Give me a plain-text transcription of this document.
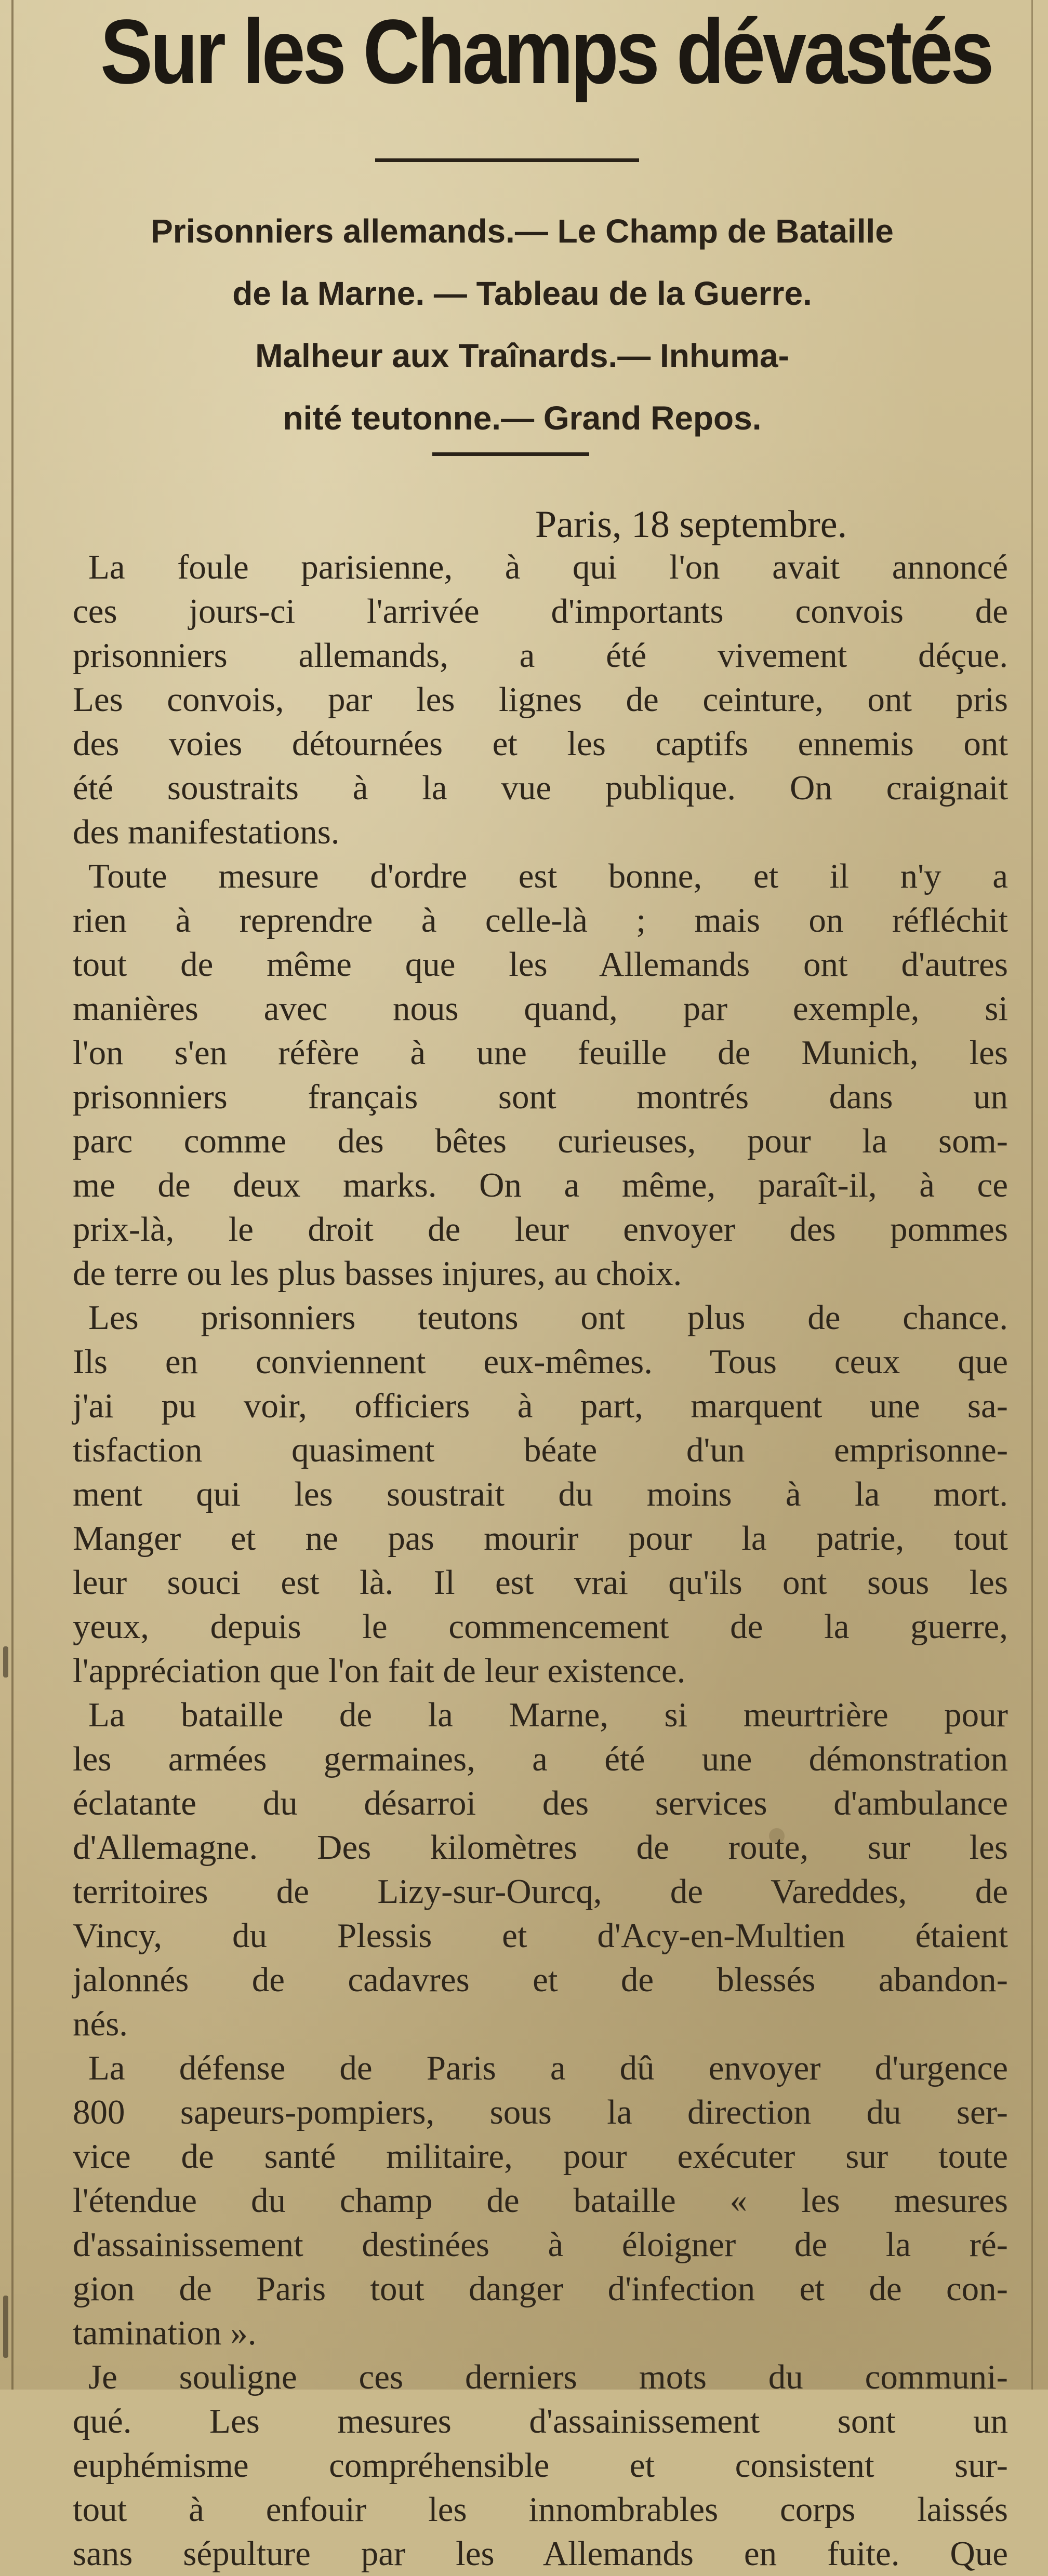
Sur les Champs dévastés
Prisonniers allemands.— Le Champ de Bataille
de la Marne. — Tableau de la Guerre.
Malheur aux Traînards.— Inhuma-
nité teutonne.— Grand Repos.
Paris, 18 septembre.
La foule parisienne, à qui l'on avait annoncé
ces jours-ci l'arrivée d'importants convois de
prisonniers allemands, a été vivement déçue.
Les convois, par les lignes de ceinture, ont pris
des voies détournées et les captifs ennemis ont
été soustraits à la vue publique. On craignait
des manifestations.
Toute mesure d'ordre est bonne, et il n'y a
rien à reprendre à celle-là ; mais on réfléchit
tout de même que les Allemands ont d'autres
manières avec nous quand, par exemple, si
l'on s'en réfère à une feuille de Munich, les
prisonniers français sont montrés dans un
parc comme des bêtes curieuses, pour la som-
me de deux marks. On a même, paraît-il, à ce
prix-là, le droit de leur envoyer des pommes
de terre ou les plus basses injures, au choix.
Les prisonniers teutons ont plus de chance.
Ils en conviennent eux-mêmes. Tous ceux que
j'ai pu voir, officiers à part, marquent une sa-
tisfaction quasiment béate d'un emprisonne-
ment qui les soustrait du moins à la mort.
Manger et ne pas mourir pour la patrie, tout
leur souci est là. Il est vrai qu'ils ont sous les
yeux, depuis le commencement de la guerre,
l'appréciation que l'on fait de leur existence.
La bataille de la Marne, si meurtrière pour
les armées germaines, a été une démonstration
éclatante du désarroi des services d'ambulance
d'Allemagne. Des kilomètres de route, sur les
territoires de Lizy-sur-Ourcq, de Vareddes, de
Vincy, du Plessis et d'Acy-en-Multien étaient
jalonnés de cadavres et de blessés abandon-
nés.
La défense de Paris a dû envoyer d'urgence
800 sapeurs-pompiers, sous la direction du ser-
vice de santé militaire, pour exécuter sur toute
l'étendue du champ de bataille « les mesures
d'assainissement destinées à éloigner de la ré-
gion de Paris tout danger d'infection et de con-
tamination ».
Je souligne ces derniers mots du communi-
qué. Les mesures d'assainissement sont un
euphémisme compréhensible et consistent sur-
tout à enfouir les innombrables corps laissés
sans sépulture par les Allemands en fuite. Que
